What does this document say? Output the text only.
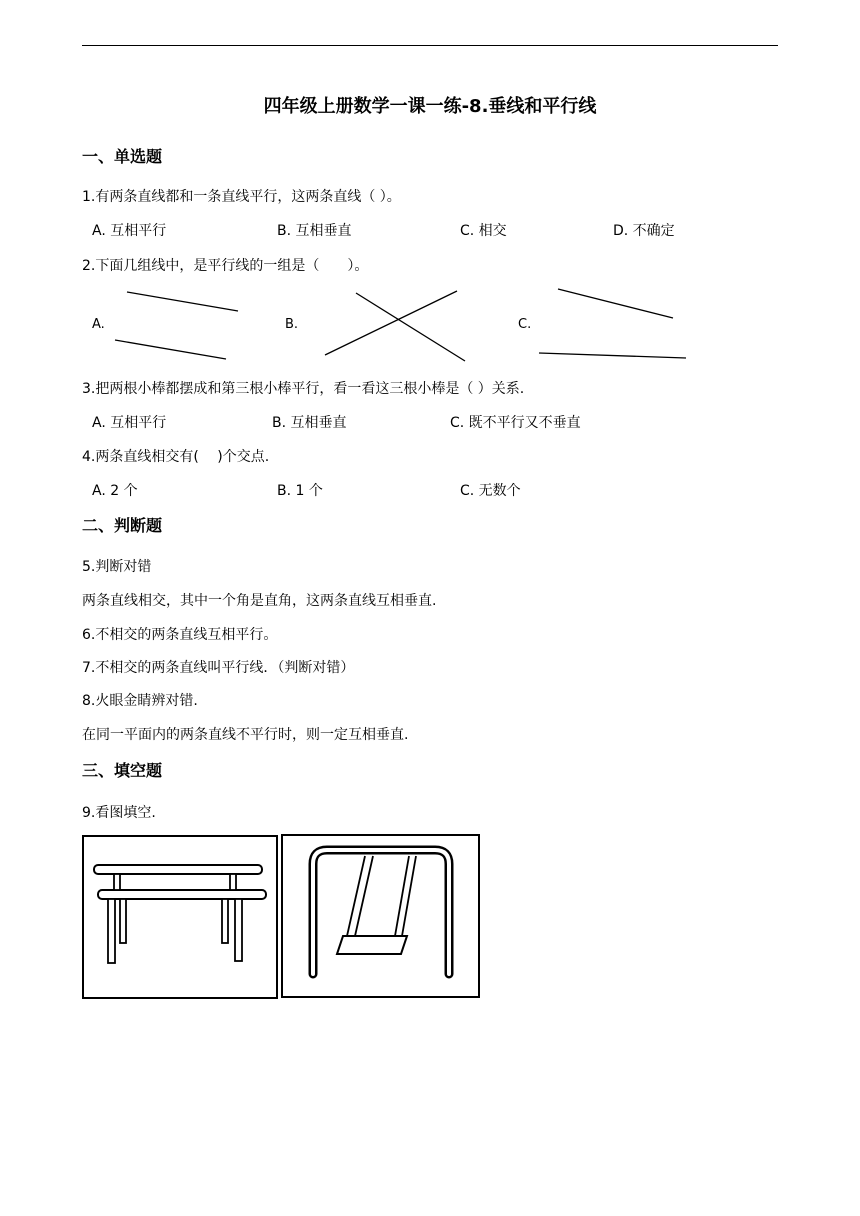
四年级上册数学一课一练-8.垂线和平行线
一、单选题
1.有两条直线都和一条直线平行，这两条直线（ ）。
A. 互相平行	B. 互相垂直	C. 相交	D. 不确定
2.下面几组线中，是平行线的一组是（　　）。
A.	B.	C.
3.把两根小棒都摆成和第三根小棒平行，看一看这三根小棒是（ ）关系.
A. 互相平行	B. 互相垂直	C. 既不平行又不垂直
4.两条直线相交有(　 )个交点.
A. 2 个	B. 1 个	C. 无数个
二、判断题
5.判断对错
两条直线相交，其中一个角是直角，这两条直线互相垂直.
6.不相交的两条直线互相平行。
7.不相交的两条直线叫平行线．（判断对错）
8.火眼金睛辨对错.
在同一平面内的两条直线不平行时，则一定互相垂直.
三、填空题
9.看图填空.
